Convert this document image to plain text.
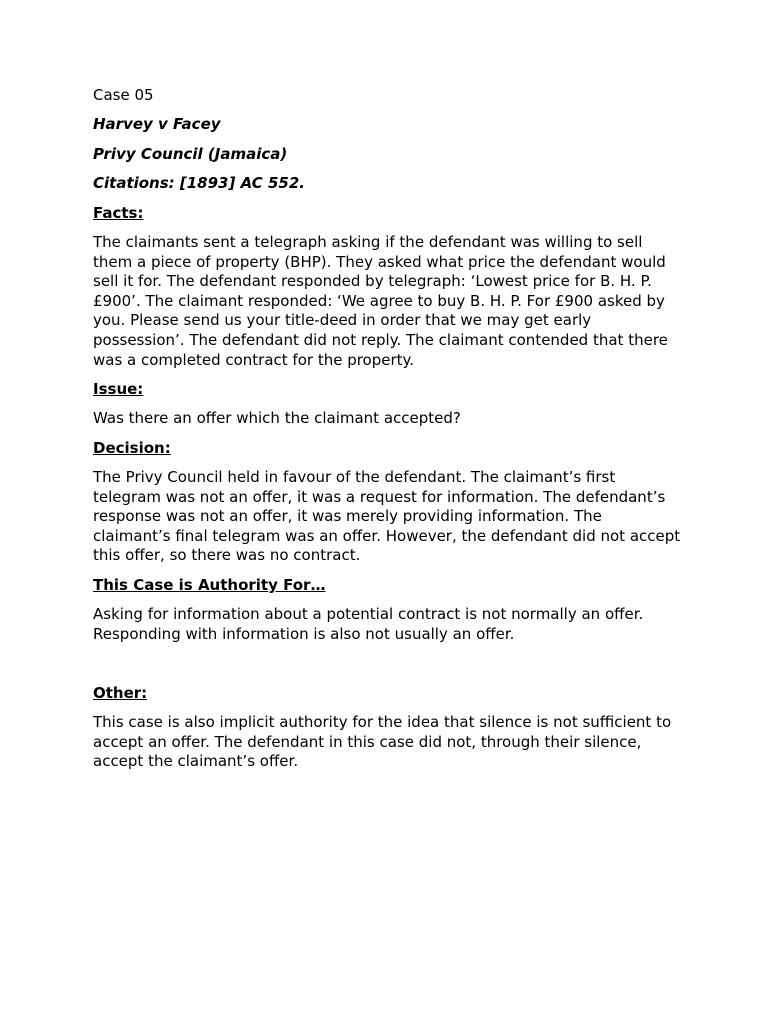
Case 05
Harvey v Facey
Privy Council (Jamaica)
Citations: [1893] AC 552.
Facts:
The claimants sent a telegraph asking if the defendant was willing to sell them a piece of property (BHP). They asked what price the defendant would sell it for. The defendant responded by telegraph: ‘Lowest price for B. H. P. £900’. The claimant responded: ‘We agree to buy B. H. P. For £900 asked by you. Please send us your title-deed in order that we may get early possession’. The defendant did not reply. The claimant contended that there was a completed contract for the property.
Issue:
Was there an offer which the claimant accepted?
Decision:
The Privy Council held in favour of the defendant. The claimant’s first telegram was not an offer, it was a request for information. The defendant’s response was not an offer, it was merely providing information. The claimant’s final telegram was an offer. However, the defendant did not accept this offer, so there was no contract.
This Case is Authority For…
Asking for information about a potential contract is not normally an offer. Responding with information is also not usually an offer.
Other:
This case is also implicit authority for the idea that silence is not sufficient to accept an offer. The defendant in this case did not, through their silence, accept the claimant’s offer.
